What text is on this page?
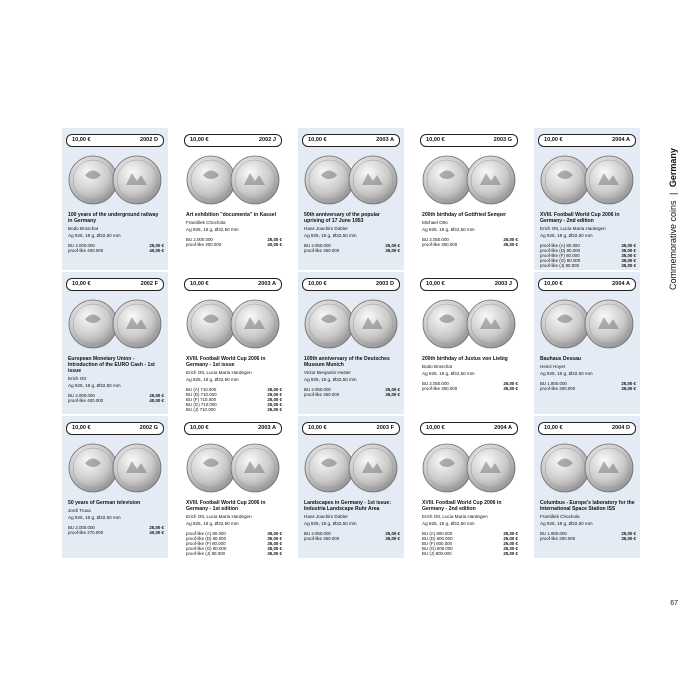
10,00 €	2002 D
100 years of the underground railway in Germany
Bodo Broschat
Ag 925, 18 g, Ø32,50 mm
BU 2.000.000	25,00 €
proof-like 400.000	40,00 €
10,00 €	2002 J
Art exhibition "documenta" in Kassel
František Chochola
Ag 925, 18 g, Ø32,50 mm
BU 2.000.000	25,00 €
proof-like 300.000	40,00 €
10,00 €	2003 A
50th anniversary of the popular uprising of 17 June 1953
Hans Joachim Dobler
Ag 925, 18 g, Ø32,50 mm
BU 2.050.000	25,00 €
proof-like 350.000	35,00 €
10,00 €	2003 G
200th birthday of Gottfried Semper
Michael Otto
Ag 925, 18 g, Ø32,50 mm
BU 2.050.000	25,00 €
proof-like 350.000	35,00 €
10,00 €	2004 A
XVIII. Football World Cup 2006 in Germany - 2nd edition
Erich Ott, Lucia Maria Hardegen
Ag 925, 18 g, Ø32,50 mm
proof-like (A) 80.000	35,00 €
proof-like (D) 80.000	35,00 €
proof-like (F) 80.000	35,00 €
proof-like (G) 80.000	35,00 €
proof-like (J) 80.000	35,00 €
10,00 €	2002 F
European Monetary Union - Introduction of the EURO Cash - 1st issue
Erich Ott
Ag 925, 18 g, Ø32,50 mm
BU 2.000.000	25,00 €
proof-like 400.000	40,00 €
10,00 €	2003 A
XVIII. Football World Cup 2006 in Germany - 1st issue
Erich Ott, Lucia Maria Hardegen
Ag 925, 18 g, Ø32,50 mm
BU (A) 710.000	25,00 €
BU (D) 710.000	25,00 €
BU (F) 710.000	25,00 €
BU (G) 710.000	25,00 €
BU (J) 710.000	25,00 €
10,00 €	2003 D
100th anniversary of the Deutsches Museum Munich
Victor Benjamin Huster
Ag 925, 18 g, Ø32,50 mm
BU 2.050.000	25,00 €
proof-like 350.000	35,00 €
10,00 €	2003 J
200th birthday of Justus von Liebig
Bodo Broschat
Ag 925, 18 g, Ø32,50 mm
BU 2.050.000	25,00 €
proof-like 350.000	35,00 €
10,00 €	2004 A
Bauhaus Dessau
Heinz Hoyer
Ag 925, 18 g, Ø32,50 mm
BU 1.800.000	25,00 €
proof-like 300.000	35,00 €
10,00 €	2002 G
50 years of German television
Jordi Truxa
Ag 925, 18 g, Ø32,50 mm
BU 2.000.000	25,00 €
proof-like 270.000	40,00 €
10,00 €	2003 A
XVIII. Football World Cup 2006 in Germany - 1st edition
Erich Ott, Lucia Maria Hardegen
Ag 925, 18 g, Ø32,50 mm
proof-like (A) 80.000	35,00 €
proof-like (D) 80.000	35,00 €
proof-like (F) 80.000	35,00 €
proof-like (G) 80.000	35,00 €
proof-like (J) 80.000	35,00 €
10,00 €	2003 F
Landscapes in Germany - 1st issue: Industria Landscape Ruhr Area
Hans Joachim Dobler
Ag 925, 18 g, Ø32,50 mm
BU 2.050.000	25,00 €
proof-like 350.000	35,00 €
10,00 €	2004 A
XVIII. Football World Cup 2006 in Germany - 2nd edition
Erich Ott, Lucia Maria Hardegen
Ag 925, 18 g, Ø32,50 mm
BU (A) 800.000	25,00 €
BU (D) 800.000	25,00 €
BU (F) 800.000	25,00 €
BU (G) 800.000	25,00 €
BU (J) 800.000	25,00 €
10,00 €	2004 D
Columbus - Europe's laboratory for the International Space Station ISS
František Chochola
Ag 925, 18 g, Ø32,50 mm
BU 1.800.000	25,00 €
proof-like 300.000	35,00 €
Commemorative coins | Germany
67
